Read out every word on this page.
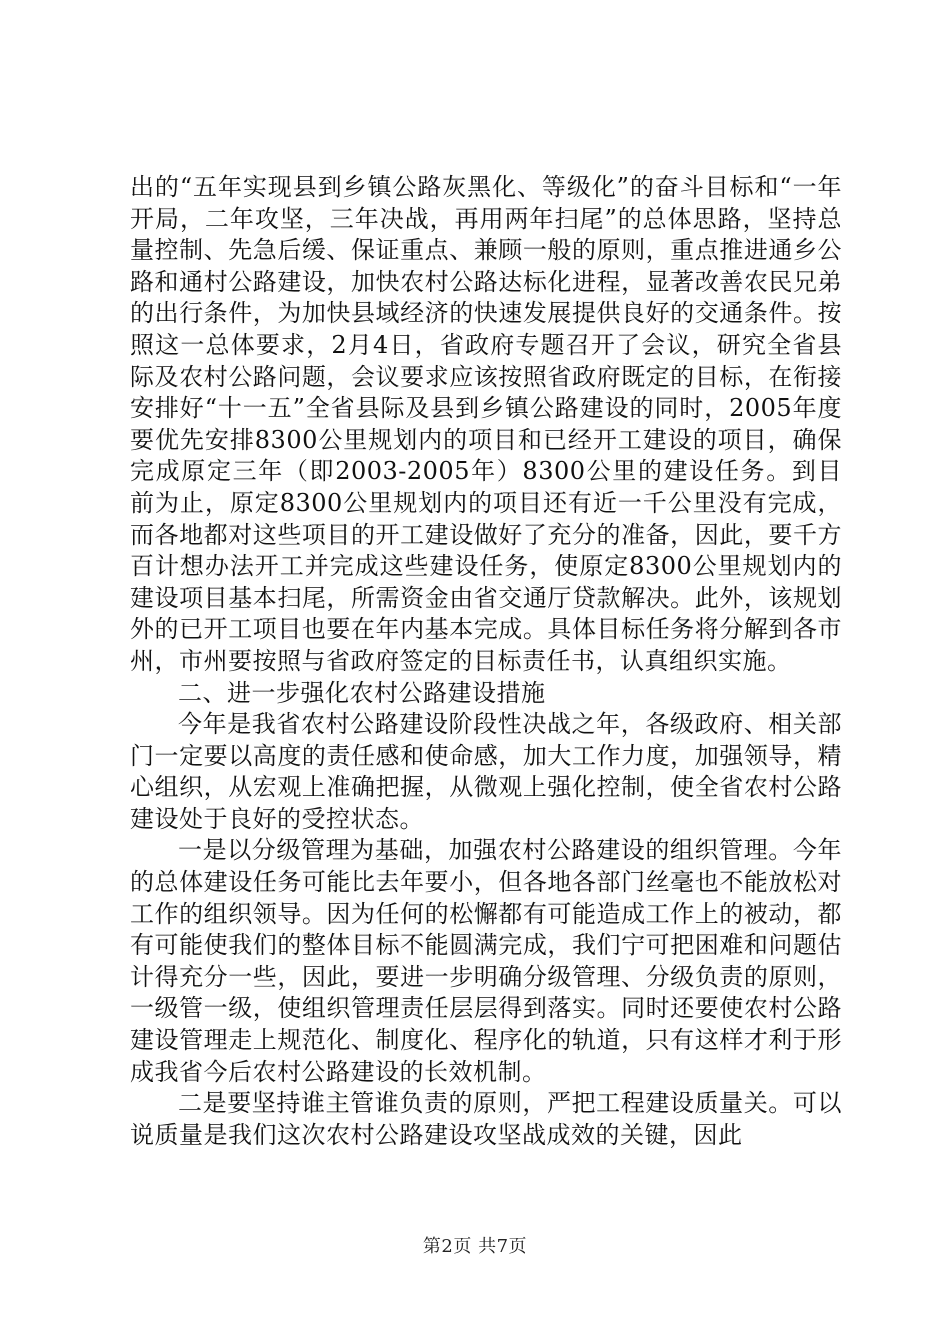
出的“五年实现县到乡镇公路灰黑化、等级化”的奋斗目标和“一年开局，二年攻坚，三年决战，再用两年扫尾”的总体思路，坚持总量控制、先急后缓、保证重点、兼顾一般的原则，重点推进通乡公路和通村公路建设，加快农村公路达标化进程，显著改善农民兄弟的出行条件，为加快县域经济的快速发展提供良好的交通条件。按照这一总体要求，2月4日，省政府专题召开了会议，研究全省县际及农村公路问题，会议要求应该按照省政府既定的目标，在衔接安排好“十一五”全省县际及县到乡镇公路建设的同时，2005年度要优先安排8300公里规划内的项目和已经开工建设的项目，确保完成原定三年（即2003-2005年）8300公里的建设任务。到目前为止，原定8300公里规划内的项目还有近一千公里没有完成，而各地都对这些项目的开工建设做好了充分的准备，因此，要千方百计想办法开工并完成这些建设任务，使原定8300公里规划内的建设项目基本扫尾，所需资金由省交通厅贷款解决。此外，该规划外的已开工项目也要在年内基本完成。具体目标任务将分解到各市州，市州要按照与省政府签定的目标责任书，认真组织实施。

二、进一步强化农村公路建设措施

今年是我省农村公路建设阶段性决战之年，各级政府、相关部门一定要以高度的责任感和使命感，加大工作力度，加强领导，精心组织，从宏观上准确把握，从微观上强化控制，使全省农村公路建设处于良好的受控状态。

一是以分级管理为基础，加强农村公路建设的组织管理。今年的总体建设任务可能比去年要小，但各地各部门丝毫也不能放松对工作的组织领导。因为任何的松懈都有可能造成工作上的被动，都有可能使我们的整体目标不能圆满完成，我们宁可把困难和问题估计得充分一些，因此，要进一步明确分级管理、分级负责的原则，一级管一级，使组织管理责任层层得到落实。同时还要使农村公路建设管理走上规范化、制度化、程序化的轨道，只有这样才利于形成我省今后农村公路建设的长效机制。

二是要坚持谁主管谁负责的原则，严把工程建设质量关。可以说质量是我们这次农村公路建设攻坚战成效的关键，因此

第2页 共7页
